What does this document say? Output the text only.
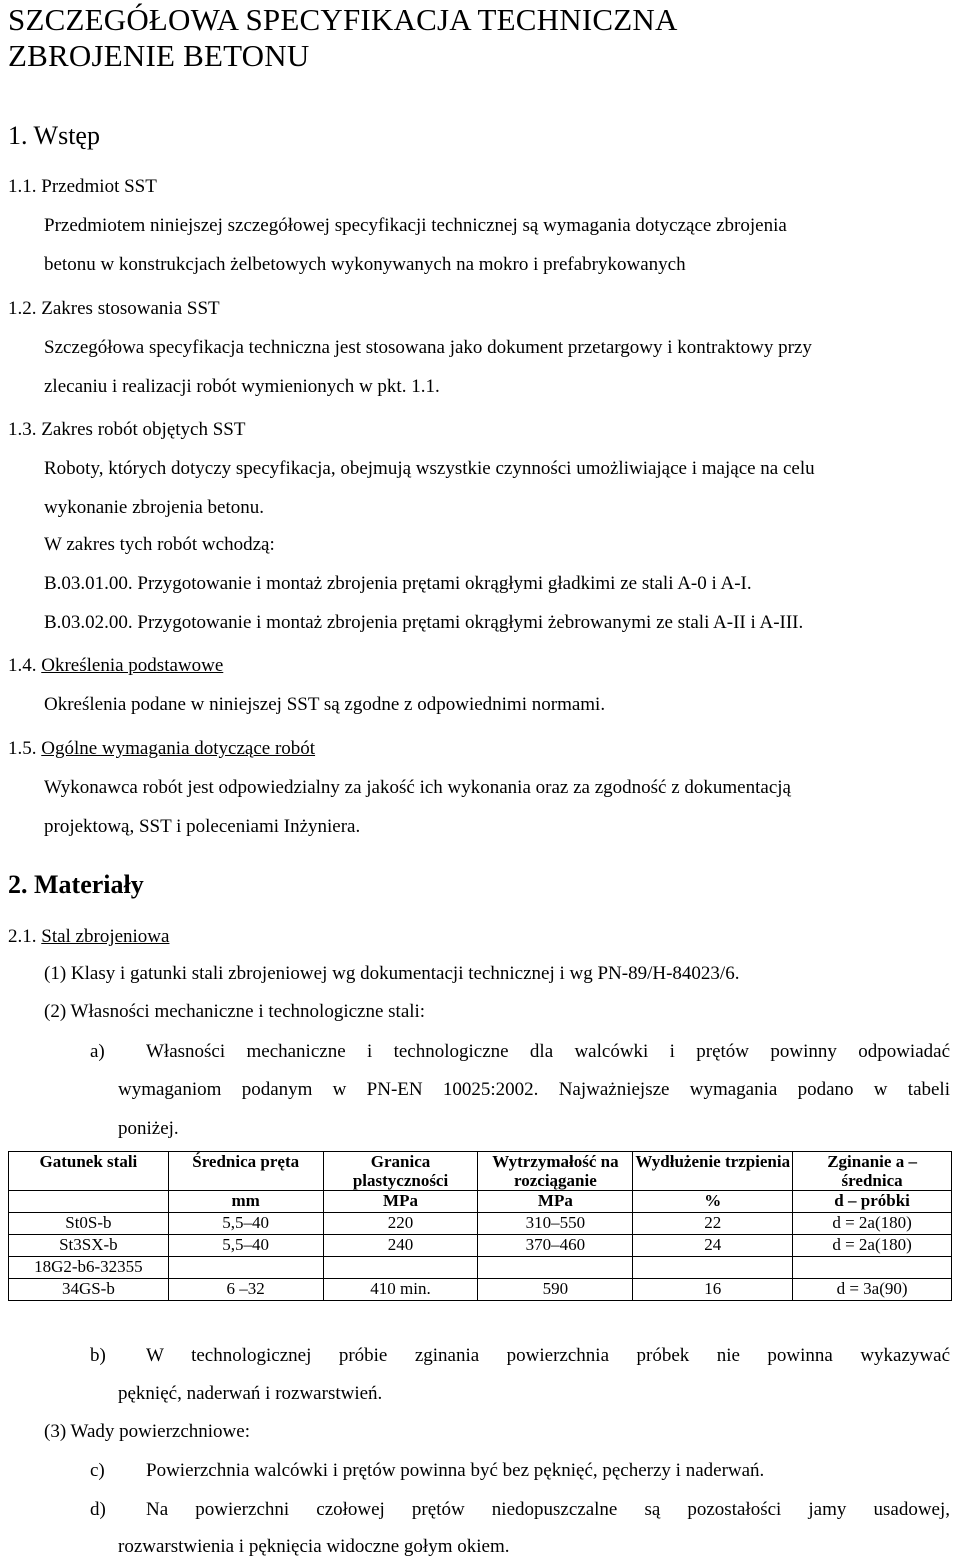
SZCZEGÓŁOWA SPECYFIKACJA TECHNICZNA
ZBROJENIE BETONU
1. Wstęp
1.1. Przedmiot SST
Przedmiotem niniejszej szczegółowej specyfikacji technicznej są wymagania dotyczące zbrojenia
betonu w konstrukcjach żelbetowych wykonywanych na mokro i prefabrykowanych
1.2. Zakres stosowania SST
Szczegółowa specyfikacja techniczna jest stosowana jako dokument przetargowy i kontraktowy przy
zlecaniu i realizacji robót wymienionych w pkt. 1.1.
1.3. Zakres robót objętych SST
Roboty, których dotyczy specyfikacja, obejmują wszystkie czynności umożliwiające i mające na celu
wykonanie zbrojenia betonu.
W zakres tych robót wchodzą:
B.03.01.00. Przygotowanie i montaż zbrojenia prętami okrągłymi gładkimi ze stali A-0 i A-I.
B.03.02.00. Przygotowanie i montaż zbrojenia prętami okrągłymi żebrowanymi ze stali A-II i A-III.
1.4. Określenia podstawowe
Określenia podane w niniejszej SST są zgodne z odpowiednimi normami.
1.5. Ogólne wymagania dotyczące robót
Wykonawca robót jest odpowiedzialny za jakość ich wykonania oraz za zgodność z dokumentacją
projektową, SST i poleceniami Inżyniera.
2. Materiały
2.1. Stal zbrojeniowa
(1) Klasy i gatunki stali zbrojeniowej wg dokumentacji technicznej i wg PN-89/H-84023/6.
(2) Własności mechaniczne i technologiczne stali:
a) Własności mechaniczne i technologiczne dla walcówki i prętów powinny odpowiadać
wymaganiom podanym w PN-EN 10025:2002. Najważniejsze wymagania podano w tabeli
poniżej.
Gatunek stali	Średnica pręta	Granica plastyczności	Wytrzymałość na rozciąganie	Wydłużenie trzpienia	Zginanie a – średnica
	mm	MPa	MPa	%	d – próbki
St0S-b	5,5–40	220	310–550	22	d = 2a(180)
St3SX-b	5,5–40	240	370–460	24	d = 2a(180)
18G2-b6-32355					
34GS-b	6 –32	410 min.	590	16	d = 3a(90)
b) W technologicznej próbie zginania powierzchnia próbek nie powinna wykazywać
pęknięć, naderwań i rozwarstwień.
(3) Wady powierzchniowe:
c) Powierzchnia walcówki i prętów powinna być bez pęknięć, pęcherzy i naderwań.
d) Na powierzchni czołowej prętów niedopuszczalne są pozostałości jamy usadowej,
rozwarstwienia i pęknięcia widoczne gołym okiem.
